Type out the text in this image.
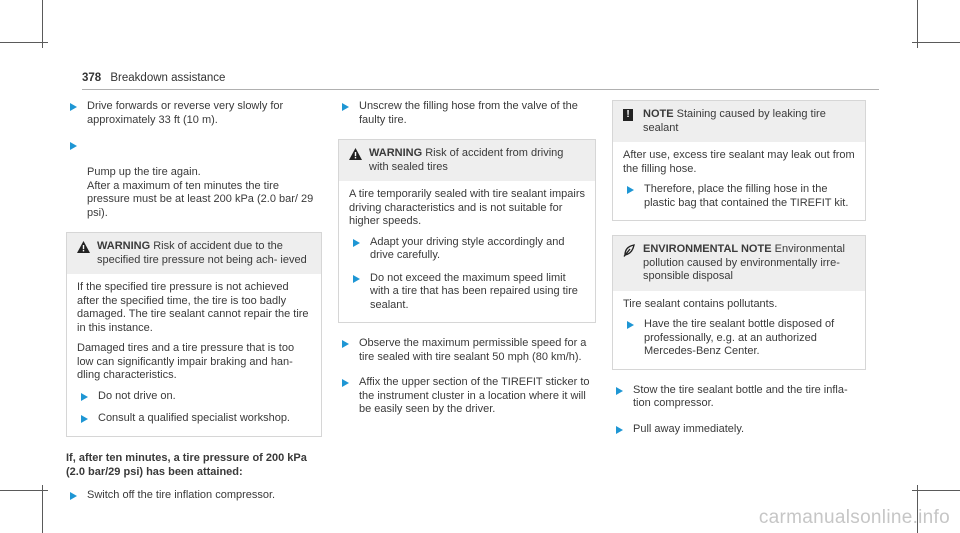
378 Breakdown assistance
Drive forwards or reverse very slowly for approximately 33 ft (10 m).

Pump up the tire again.
After a maximum of ten minutes the tire pressure must be at least 200 kPa (2.0 bar/ 29 psi).

WARNING Risk of accident due to the specified tire pressure not being ach- ieved

If the specified tire pressure is not achieved after the specified time, the tire is too badly damaged. The tire sealant cannot repair the tire in this instance.

Damaged tires and a tire pressure that is too low can significantly impair braking and han- dling characteristics.

Do not drive on.
Consult a qualified specialist workshop.
If, after ten minutes, a tire pressure of 200 kPa (2.0 bar/29 psi) has been attained:
Switch off the tire inflation compressor.
Unscrew the filling hose from the valve of the faulty tire.
WARNING Risk of accident from driving with sealed tires

A tire temporarily sealed with tire sealant impairs driving characteristics and is not suitable for higher speeds.

Adapt your driving style accordingly and drive carefully.
Do not exceed the maximum speed limit with a tire that has been repaired using tire sealant.
Observe the maximum permissible speed for a tire sealed with tire sealant 50 mph (80 km/h).
Affix the upper section of the TIREFIT sticker to the instrument cluster in a location where it will be easily seen by the driver.
!	NOTE Staining caused by leaking tire sealant

After use, excess tire sealant may leak out from the filling hose.

Therefore, place the filling hose in the plastic bag that contained the TIREFIT kit.
ENVIRONMENTAL NOTE Environmental pollution caused by environmentally irre- sponsible disposal

Tire sealant contains pollutants.

Have the tire sealant bottle disposed of professionally, e.g. at an authorized Mercedes-Benz Center.
Stow the tire sealant bottle and the tire infla- tion compressor.
Pull away immediately.
carmanualsonline.info
